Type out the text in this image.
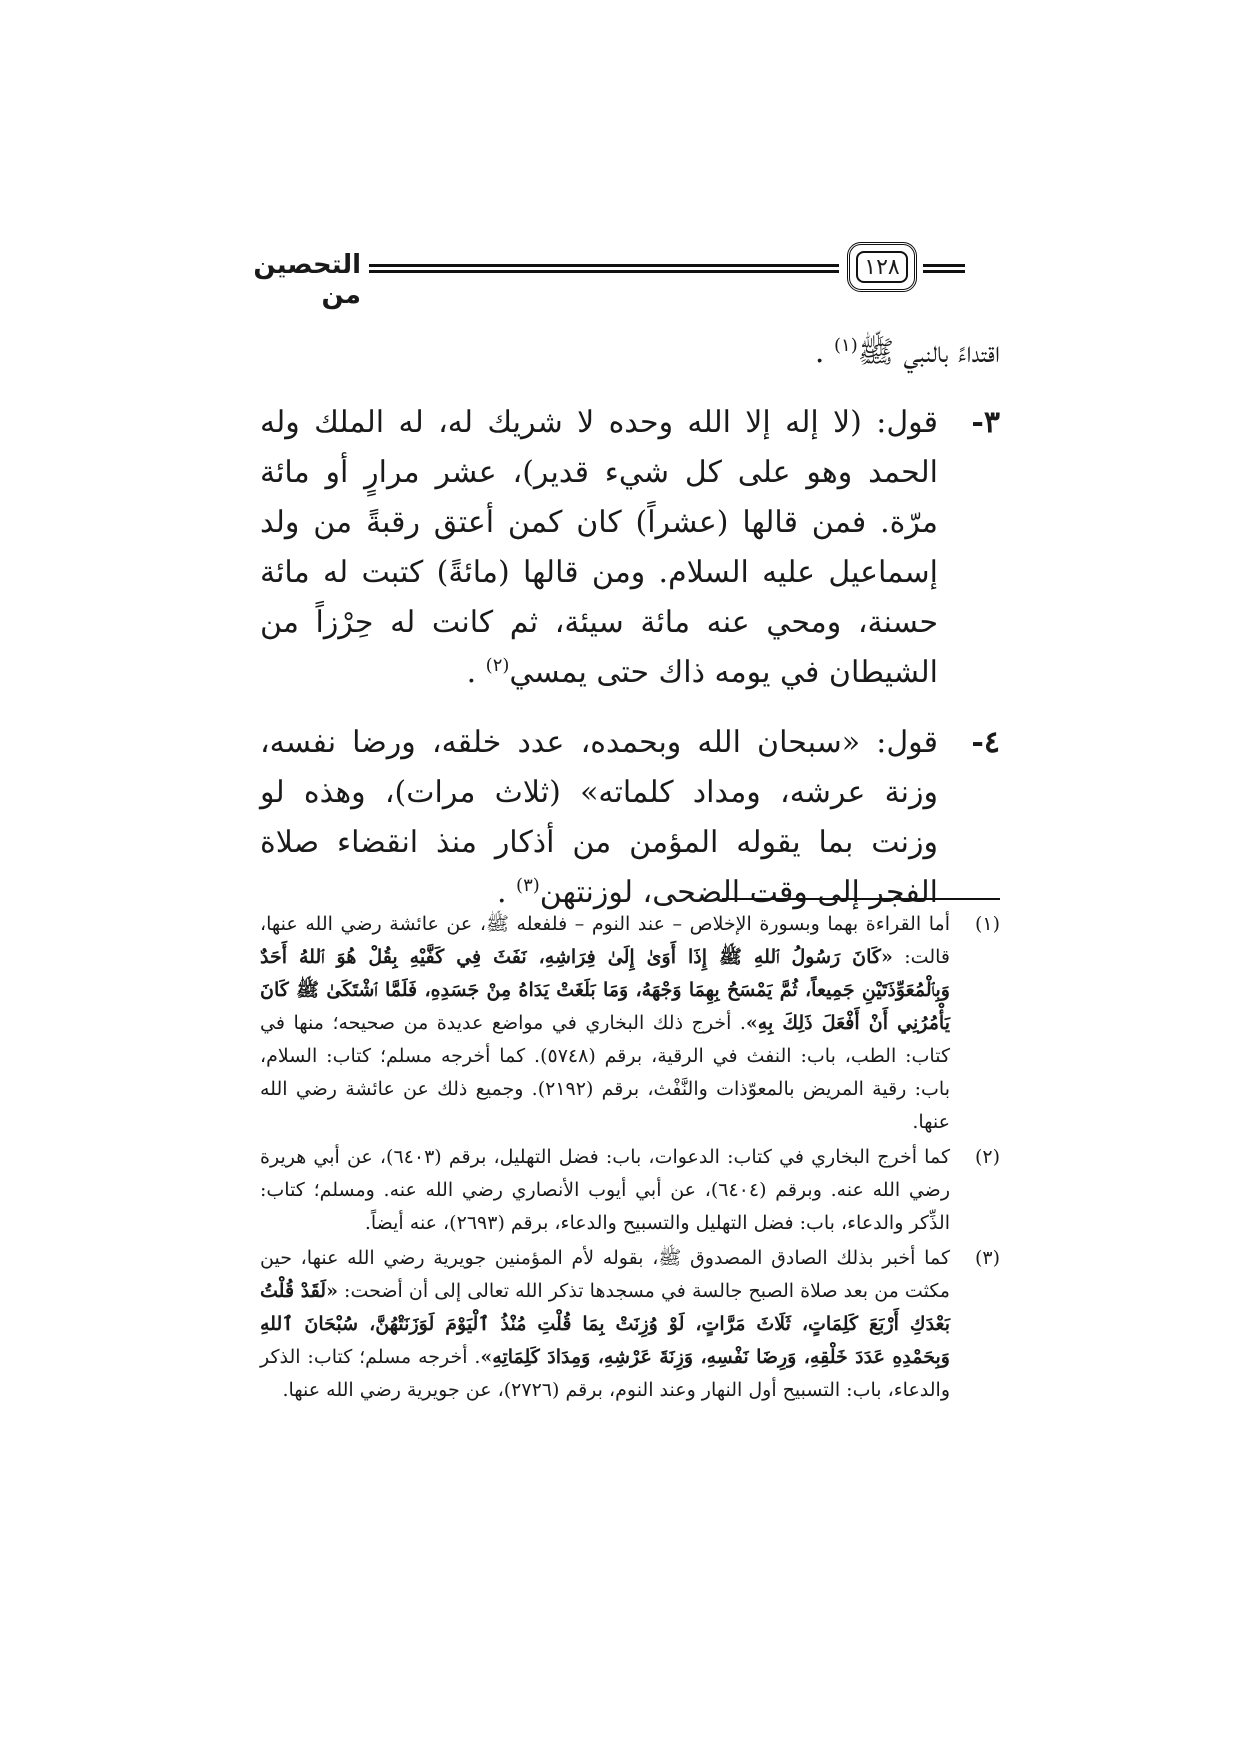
التحصين من
١٢٨

اقتداءً بالنبي ﷺ$^{(١)}$ .

٣-
قول: (لا إله إلا الله وحده لا شريك له، له الملك وله الحمد وهو على كل شيء قدير)، عشر مرارٍ أو مائة مرّة. فمن قالها (عشراً) كان كمن أعتق رقبةً من ولد إسماعيل عليه السلام. ومن قالها (مائةً) كتبت له مائة حسنة، ومحي عنه مائة سيئة، ثم كانت له حِرْزاً من الشيطان في يومه ذاك حتى يمسي$^{(٢)}$ .
٤-
قول: «سبحان الله وبحمده، عدد خلقه، ورضا نفسه، وزنة عرشه، ومداد كلماته» (ثلاث مرات)، وهذه لو وزنت بما يقوله المؤمن من أذكار منذ انقضاء صلاة الفجر إلى وقت الضحى، لوزنتهن$^{(٣)}$ .
(١)
أما القراءة بهما وبسورة الإخلاص – عند النوم – فلفعله ﷺ، عن عائشة رضي الله عنها، قالت: «كَانَ رَسُولُ ٱللهِ ﷺ إِذَا أَوَىٰ إِلَىٰ فِرَاشِهِ، نَفَثَ فِي كَفَّيْهِ بِقُلْ هُوَ ٱللهُ أَحَدٌ وَبِٱلْمُعَوِّذَتَيْنِ جَمِيعاً، ثُمَّ يَمْسَحُ بِهِمَا وَجْهَهُ، وَمَا بَلَغَتْ يَدَاهُ مِنْ جَسَدِهِ، فَلَمَّا ٱشْتَكَىٰ ﷺ كَانَ يَأْمُرُنِي أَنْ أَفْعَلَ ذَلِكَ بِهِ». أخرج ذلك البخاري في مواضع عديدة من صحيحه؛ منها في كتاب: الطب، باب: النفث في الرقية، برقم (٥٧٤٨). كما أخرجه مسلم؛ كتاب: السلام، باب: رقية المريض بالمعوّذات والنَّفْث، برقم (٢١٩٢). وجميع ذلك عن عائشة رضي الله عنها.
(٢)
كما أخرج البخاري في كتاب: الدعوات، باب: فضل التهليل، برقم (٦٤٠٣)، عن أبي هريرة رضي الله عنه. وبرقم (٦٤٠٤)، عن أبي أيوب الأنصاري رضي الله عنه. ومسلم؛ كتاب: الذِّكر والدعاء، باب: فضل التهليل والتسبيح والدعاء، برقم (٢٦٩٣)، عنه أيضاً.
(٣)
كما أخبر بذلك الصادق المصدوق ﷺ، بقوله لأم المؤمنين جويرية رضي الله عنها، حين مكثت من بعد صلاة الصبح جالسة في مسجدها تذكر الله تعالى إلى أن أضحت: «لَقَدْ قُلْتُ بَعْدَكِ أَرْبَعَ كَلِمَاتٍ، ثَلَاثَ مَرَّاتٍ، لَوْ وُزِنَتْ بِمَا قُلْتِ مُنْذُ ٱلْيَوْمَ لَوَزَنَتْهُنَّ، سُبْحَانَ ٱللهِ وَبِحَمْدِهِ عَدَدَ خَلْقِهِ، وَرِضَا نَفْسِهِ، وَزِنَةَ عَرْشِهِ، وَمِدَادَ كَلِمَاتِهِ». أخرجه مسلم؛ كتاب: الذكر والدعاء، باب: التسبيح أول النهار وعند النوم، برقم (٢٧٢٦)، عن جويرية رضي الله عنها.
